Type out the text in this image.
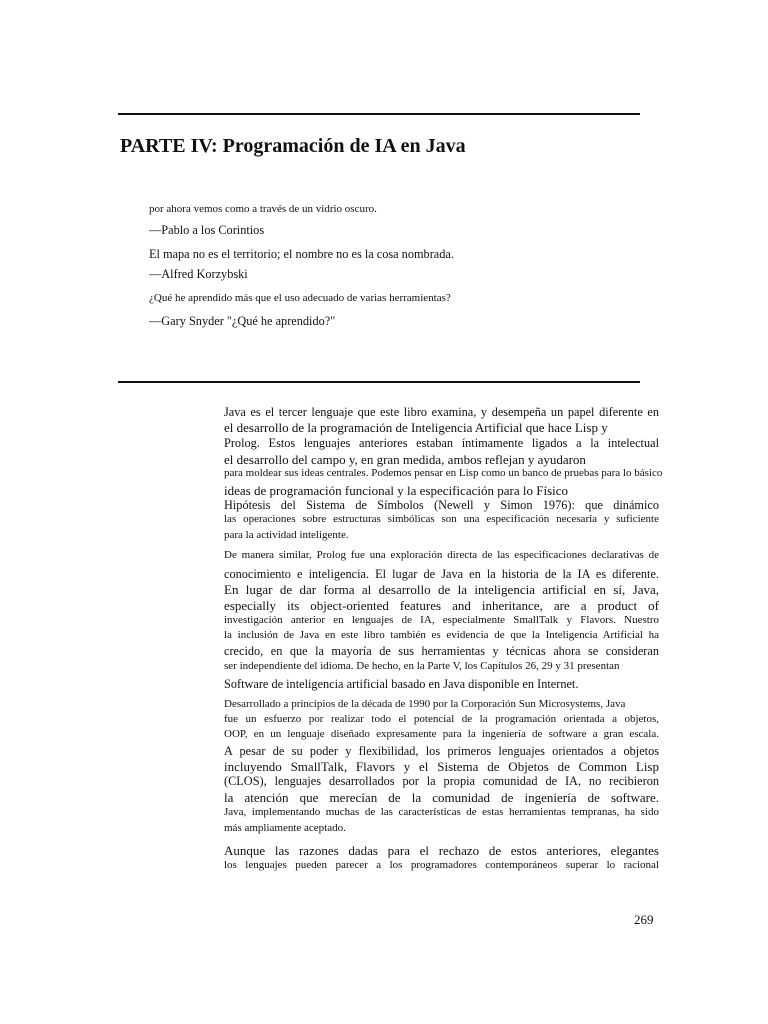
PARTE IV: Programación de IA en Java

por ahora vemos como a través de un vidrio oscuro.

—Pablo a los Corintios

El mapa no es el territorio; el nombre no es la cosa nombrada.

—Alfred Korzybski

¿Qué he aprendido más que el uso adecuado de varias herramientas?

—Gary Snyder "¿Qué he aprendido?"

Java es el tercer lenguaje que este libro examina, y desempeña un papel diferente en
el desarrollo de la programación de Inteligencia Artificial que hace Lisp y
Prolog. Estos lenguajes anteriores estaban íntimamente ligados a la intelectual
el desarrollo del campo y, en gran medida, ambos reflejan y ayudaron
para moldear sus ideas centrales. Podemos pensar en Lisp como un banco de pruebas para lo básico
ideas de programación funcional y la especificación para lo Físico
Hipótesis del Sistema de Símbolos (Newell y Simon 1976): que dinámico
las operaciones sobre estructuras simbólicas son una especificación necesaria y suficiente
para la actividad inteligente.
De manera similar, Prolog fue una exploración directa de las especificaciones declarativas de
conocimiento e inteligencia. El lugar de Java en la historia de la IA es diferente.
En lugar de dar forma al desarrollo de la inteligencia artificial en sí, Java,
especially its object-oriented features and inheritance, are a product of
investigación anterior en lenguajes de IA, especialmente SmallTalk y Flavors. Nuestro
la inclusión de Java en este libro también es evidencia de que la Inteligencia Artificial ha
crecido, en que la mayoría de sus herramientas y técnicas ahora se consideran
ser independiente del idioma. De hecho, en la Parte V, los Capítulos 26, 29 y 31 presentan
Software de inteligencia artificial basado en Java disponible en Internet.
Desarrollado a principios de la década de 1990 por la Corporación Sun Microsystems, Java
fue un esfuerzo por realizar todo el potencial de la programación orientada a objetos,
OOP, en un lenguaje diseñado expresamente para la ingeniería de software a gran escala.
A pesar de su poder y flexibilidad, los primeros lenguajes orientados a objetos
incluyendo SmallTalk, Flavors y el Sistema de Objetos de Common Lisp
(CLOS), lenguajes desarrollados por la propia comunidad de IA, no recibieron
la atención que merecían de la comunidad de ingeniería de software.
Java, implementando muchas de las características de estas herramientas tempranas, ha sido
más ampliamente aceptado.
Aunque las razones dadas para el rechazo de estos anteriores, elegantes
los lenguajes pueden parecer a los programadores contemporáneos superar lo racional

269
